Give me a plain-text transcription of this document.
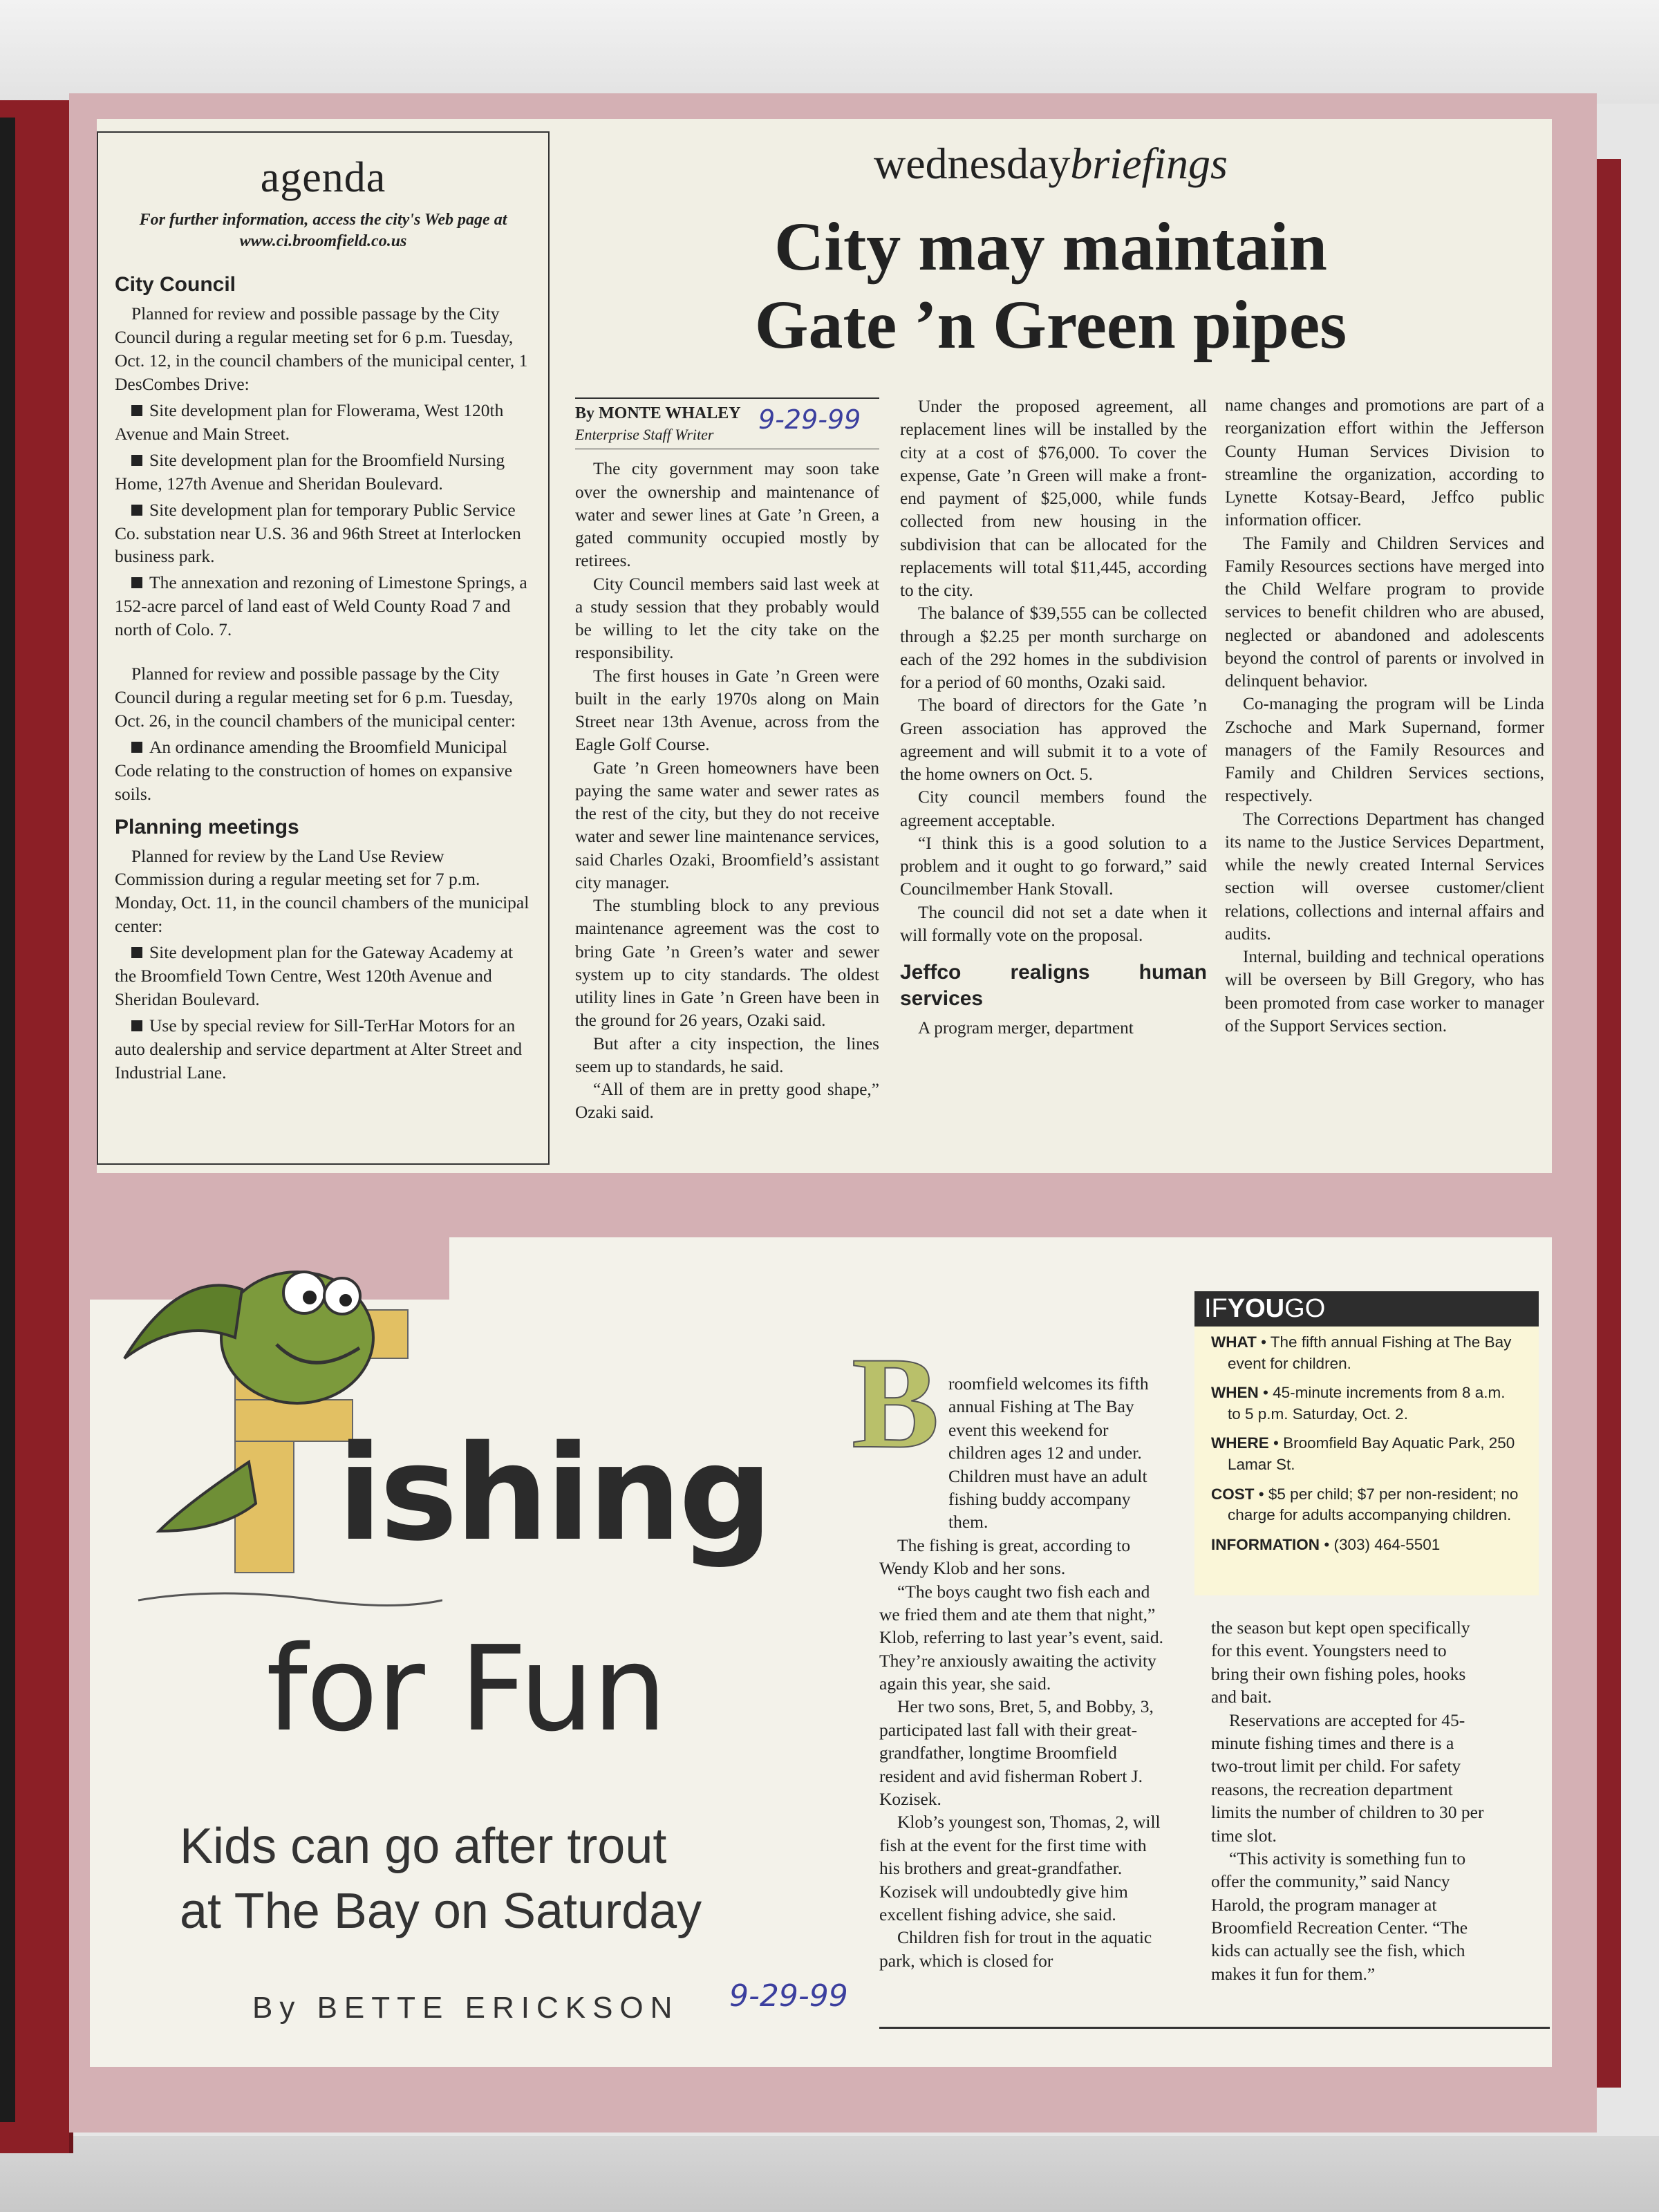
agenda
For further information, access the city's Web page at www.ci.broomfield.co.us
City Council

Planned for review and possible passage by the City Council during a regular meeting set for 6 p.m. Tuesday, Oct. 12, in the council chambers of the municipal center, 1 DesCombes Drive:

Site development plan for Flowerama, West 120th Avenue and Main Street.

Site development plan for the Broomfield Nursing Home, 127th Avenue and Sheridan Boulevard.

Site development plan for temporary Public Service Co. substation near U.S. 36 and 96th Street at Interlocken business park.

The annexation and rezoning of Limestone Springs, a 152-acre parcel of land east of Weld County Road 7 and north of Colo. 7.

Planned for review and possible passage by the City Council during a regular meeting set for 6 p.m. Tuesday, Oct. 26, in the council chambers of the municipal center:

An ordinance amending the Broomfield Municipal Code relating to the construction of homes on expansive soils.

Planning meetings

Planned for review by the Land Use Review Commission during a regular meeting set for 7 p.m. Monday, Oct. 11, in the council chambers of the municipal center:

Site development plan for the Gateway Academy at the Broomfield Town Centre, West 120th Avenue and Sheridan Boulevard.

Use by special review for Sill-TerHar Motors for an auto dealership and service department at Alter Street and Industrial Lane.

wednesdaybriefings
City may maintain
Gate ’n Green pipes
By MONTE WHALEY
Enterprise Staff Writer	9-29-99

The city government may soon take over the ownership and maintenance of water and sewer lines at Gate ’n Green, a gated community occupied mostly by retirees.

City Council members said last week at a study session that they probably would be willing to let the city take on the responsibility.

The first houses in Gate ’n Green were built in the early 1970s along on Main Street near 13th Avenue, across from the Eagle Golf Course.

Gate ’n Green homeowners have been paying the same water and sewer rates as the rest of the city, but they do not receive water and sewer line maintenance services, said Charles Ozaki, Broomfield’s assistant city manager.

The stumbling block to any previous maintenance agreement was the cost to bring Gate ’n Green’s water and sewer system up to city standards. The oldest utility lines in Gate ’n Green have been in the ground for 26 years, Ozaki said.

But after a city inspection, the lines seem up to standards, he said.

“All of them are in pretty good shape,” Ozaki said.

Under the proposed agreement, all replacement lines will be installed by the city at a cost of $76,000. To cover the expense, Gate ’n Green will make a front-end payment of $25,000, while funds collected from new housing in the subdivision that can be allocated for the replacements will total $11,445, according to the city.

The balance of $39,555 can be collected through a $2.25 per month surcharge on each of the 292 homes in the subdivision for a period of 60 months, Ozaki said.

The board of directors for the Gate ’n Green association has approved the agreement and will submit it to a vote of the home owners on Oct. 5.

City council members found the agreement acceptable.

“I think this is a good solution to a problem and it ought to go forward,” said Councilmember Hank Stovall.

The council did not set a date when it will formally vote on the proposal.

Jeffco realigns human services

A program merger, department

name changes and promotions are part of a reorganization effort within the Jefferson County Human Services Division to streamline the organization, according to Lynette Kotsay-Beard, Jeffco public information officer.

The Family and Children Services and Family Resources sections have merged into the Child Welfare program to provide services to benefit children who are abused, neglected or abandoned and adolescents beyond the control of parents or involved in delinquent behavior.

Co-managing the program will be Linda Zschoche and Mark Supernand, former managers of the Family Resources and Family and Children Services sections, respectively.

The Corrections Department has changed its name to the Justice Services Department, while the newly created Internal Services section will oversee customer/client relations, collections and internal affairs and audits.

Internal, building and technical operations will be overseen by Bill Gregory, who has been promoted from case worker to manager of the Support Services section.

ishing
for Fun
Kids can go after trout
at The Bay on Saturday
By BETTE ERICKSON 9-29-99
B roomfield welcomes its fifth annual Fishing at The Bay event this weekend for children ages 12 and under. Children must have an adult fishing buddy accompany them.

The fishing is great, according to Wendy Klob and her sons.

“The boys caught two fish each and we fried them and ate them that night,” Klob, referring to last year’s event, said. They’re anxiously awaiting the activity again this year, she said.

Her two sons, Bret, 5, and Bobby, 3, participated last fall with their great-grandfather, longtime Broomfield resident and avid fisherman Robert J. Kozisek.

Klob’s youngest son, Thomas, 2, will fish at the event for the first time with his brothers and great-grandfather. Kozisek will undoubtedly give him excellent fishing advice, she said.

Children fish for trout in the aquatic park, which is closed for

IFYOUGO

WHAT • The fifth annual Fishing at The Bay event for children.

WHEN • 45-minute increments from 8 a.m. to 5 p.m. Saturday, Oct. 2.

WHERE • Broomfield Bay Aquatic Park, 250 Lamar St.

COST • $5 per child; $7 per non-resident; no charge for adults accompanying children.

INFORMATION • (303) 464-5501

the season but kept open specifically for this event. Youngsters need to bring their own fishing poles, hooks and bait.

Reservations are accepted for 45-minute fishing times and there is a two-trout limit per child. For safety reasons, the recreation department limits the number of children to 30 per time slot.

“This activity is something fun to offer the community,” said Nancy Harold, the program manager at Broomfield Recreation Center. “The kids can actually see the fish, which makes it fun for them.”
